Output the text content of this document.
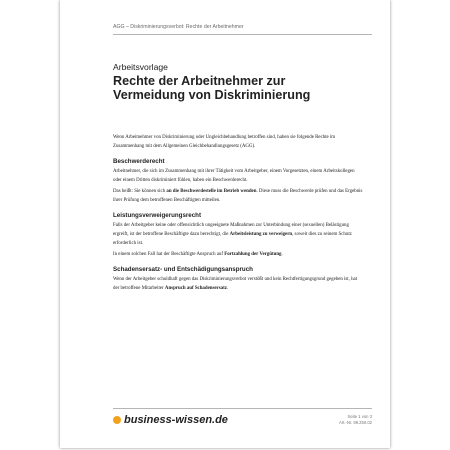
AGG – Diskriminierungsverbot: Rechte der Arbeitnehmer
Arbeitsvorlage
Rechte der Arbeitnehmer zur Vermeidung von Diskriminierung

Wenn Arbeitnehmer von Diskriminierung oder Ungleichbehandlung betroffen sind, haben sie folgende Rechte im Zusammenhang mit dem Allgemeinen Gleichbehandlungsgesetz (AGG).

Beschwerderecht

Arbeitnehmer, die sich im Zusammenhang mit ihrer Tätigkeit vom Arbeitgeber, einem Vorgesetzten, einem Arbeitskollegen oder einem Dritten diskriminiert fühlen, haben ein Beschwerderecht.

Das heißt: Sie können sich an die Beschwerdestelle im Betrieb wenden. Diese muss die Beschwerde prüfen und das Ergebnis ihrer Prüfung dem betroffenen Beschäftigten mitteilen.

Leistungsverweigerungsrecht

Falls der Arbeitgeber keine oder offensichtlich ungeeignete Maßnahmen zur Unterbindung einer (sexuellen) Belästigung ergreift, ist der betroffene Beschäftigte dazu berechtigt, die Arbeitsleistung zu verweigern, soweit dies zu seinem Schutz erforderlich ist.

In einem solchen Fall hat der Beschäftigte Anspruch auf Fortzahlung der Vergütung.

Schadensersatz- und Entschädigungsanspruch

Wenn der Arbeitgeber schuldhaft gegen das Diskriminierungsverbot verstößt und kein Rechtfertigungsgrund gegeben ist, hat der betroffene Mitarbeiter Anspruch auf Schadensersatz.

business-wissen.de	Seite 1 von 3
Art.-Nr. 99.250.02
